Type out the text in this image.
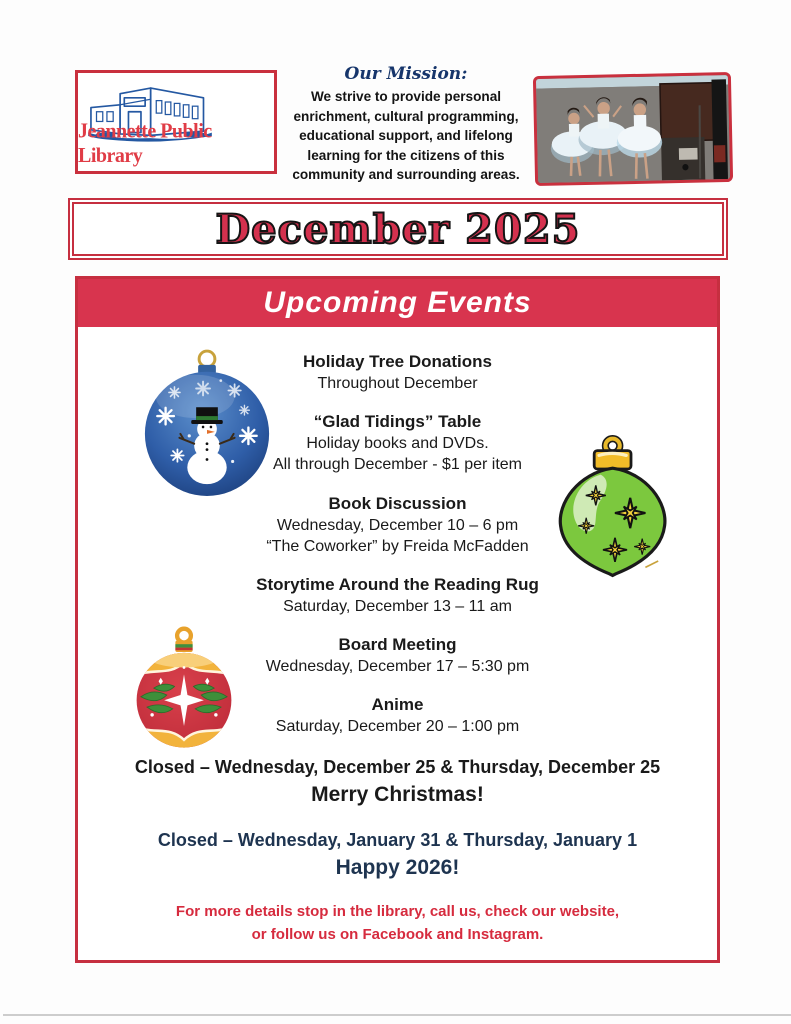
Jeannette Public Library
Our Mission:
We strive to provide personal enrichment, cultural programming, educational support, and lifelong learning for the citizens of this community and surrounding areas.
December 2025
Upcoming Events
Holiday Tree Donations
Throughout December
“Glad Tidings” Table
Holiday books and DVDs.
All through December - $1 per item
Book Discussion
Wednesday, December 10 – 6 pm
“The Coworker” by Freida McFadden
Storytime Around the Reading Rug
Saturday, December 13 – 11 am
Board Meeting
Wednesday, December 17 – 5:30 pm
Anime
Saturday, December 20 – 1:00 pm
Closed – Wednesday, December 25 & Thursday, December 25
Merry Christmas!
Closed – Wednesday, January 31 & Thursday, January 1
Happy 2026!
For more details stop in the library, call us, check our website,
or follow us on Facebook and Instagram.
